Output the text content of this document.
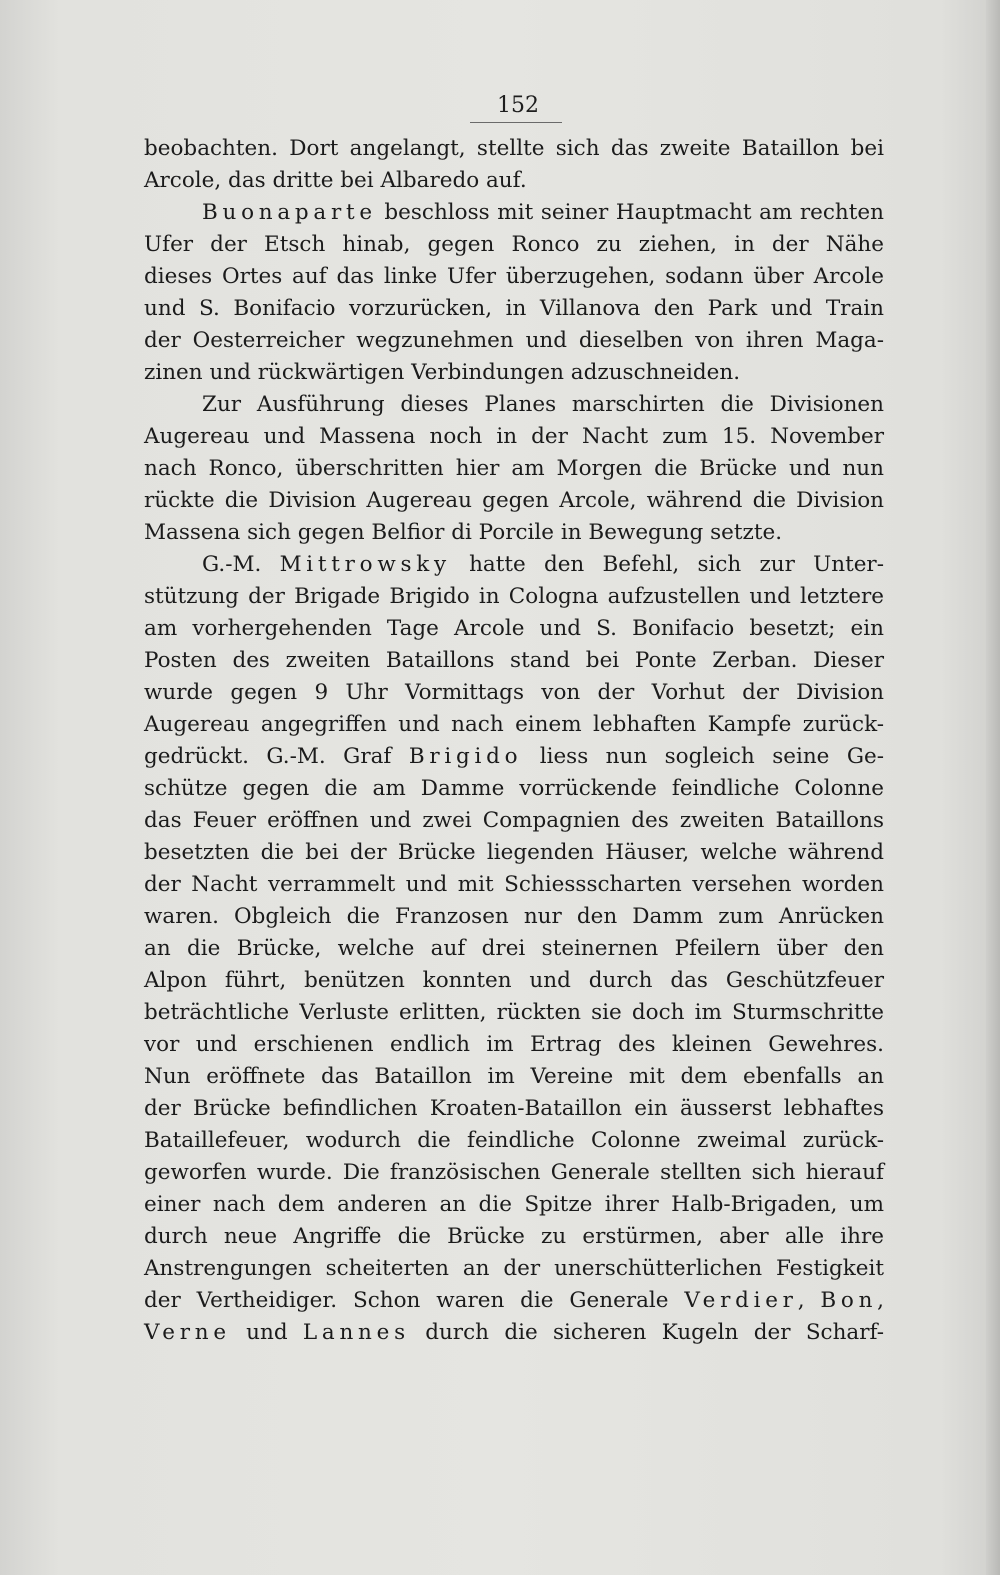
152
beobachten. Dort angelangt, stellte sich das zweite Bataillon bei
Arcole, das dritte bei Albaredo auf.
Buonaparte beschloss mit seiner Hauptmacht am rechten
Ufer der Etsch hinab, gegen Ronco zu ziehen, in der Nähe
dieses Ortes auf das linke Ufer überzugehen, sodann über Arcole
und S. Bonifacio vorzurücken, in Villanova den Park und Train
der Oesterreicher wegzunehmen und dieselben von ihren Maga-
zinen und rückwärtigen Verbindungen adzuschneiden.
Zur Ausführung dieses Planes marschirten die Divisionen
Augereau und Massena noch in der Nacht zum 15. November
nach Ronco, überschritten hier am Morgen die Brücke und nun
rückte die Division Augereau gegen Arcole, während die Division
Massena sich gegen Belfior di Porcile in Bewegung setzte.
G.-M. Mittrowsky hatte den Befehl, sich zur Unter-
stützung der Brigade Brigido in Cologna aufzustellen und letztere
am vorhergehenden Tage Arcole und S. Bonifacio besetzt; ein
Posten des zweiten Bataillons stand bei Ponte Zerban. Dieser
wurde gegen 9 Uhr Vormittags von der Vorhut der Division
Augereau angegriffen und nach einem lebhaften Kampfe zurück-
gedrückt. G.-M. Graf Brigido liess nun sogleich seine Ge-
schütze gegen die am Damme vorrückende feindliche Colonne
das Feuer eröffnen und zwei Compagnien des zweiten Bataillons
besetzten die bei der Brücke liegenden Häuser, welche während
der Nacht verrammelt und mit Schiessscharten versehen worden
waren. Obgleich die Franzosen nur den Damm zum Anrücken
an die Brücke, welche auf drei steinernen Pfeilern über den
Alpon führt, benützen konnten und durch das Geschützfeuer
beträchtliche Verluste erlitten, rückten sie doch im Sturmschritte
vor und erschienen endlich im Ertrag des kleinen Gewehres.
Nun eröffnete das Bataillon im Vereine mit dem ebenfalls an
der Brücke befindlichen Kroaten-Bataillon ein äusserst lebhaftes
Bataillefeuer, wodurch die feindliche Colonne zweimal zurück-
geworfen wurde. Die französischen Generale stellten sich hierauf
einer nach dem anderen an die Spitze ihrer Halb-Brigaden, um
durch neue Angriffe die Brücke zu erstürmen, aber alle ihre
Anstrengungen scheiterten an der unerschütterlichen Festigkeit
der Vertheidiger. Schon waren die Generale Verdier, Bon,
Verne und Lannes durch die sicheren Kugeln der Scharf-
